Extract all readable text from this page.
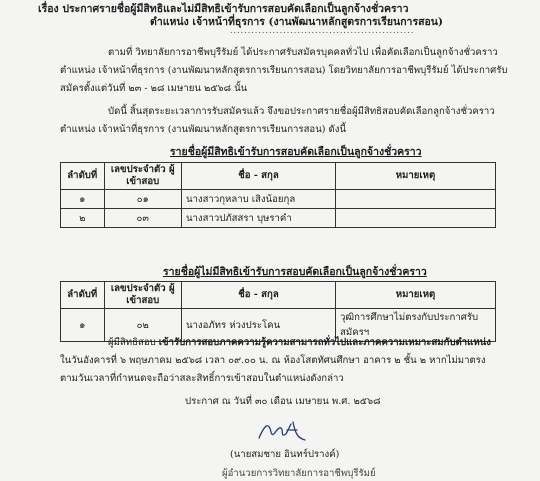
เรื่อง ประกาศรายชื่อผู้มีสิทธิและไม่มีสิทธิเข้ารับการสอบคัดเลือกเป็นลูกจ้างชั่วคราว
ตำแหน่ง เจ้าหน้าที่ธุรการ (งานพัฒนาหลักสูตรการเรียนการสอน)
....................................................
ตามที่ วิทยาลัยการอาชีพบุรีรัมย์ ได้ประกาศรับสมัครบุคคลทั่วไป เพื่อคัดเลือกเป็นลูกจ้างชั่วคราว
ตำแหน่ง เจ้าหน้าที่ธุรการ (งานพัฒนาหลักสูตรการเรียนการสอน) โดยวิทยาลัยการอาชีพบุรีรัมย์ ได้ประกาศรับ
สมัครตั้งแต่วันที่ ๒๓ - ๒๘ เมษายน ๒๕๖๘ นั้น
บัดนี้ สิ้นสุดระยะเวลาการรับสมัครแล้ว จึงขอประกาศรายชื่อผู้มีสิทธิสอบคัดเลือกลูกจ้างชั่วคราว
ตำแหน่ง เจ้าหน้าที่ธุรการ (งานพัฒนาหลักสูตรการเรียนการสอน) ดังนี้
รายชื่อผู้มีสิทธิเข้ารับการสอบคัดเลือกเป็นลูกจ้างชั่วคราว
ลำดับที่	เลขประจำตัว ผู้เข้าสอบ	ชื่อ - สกุล	หมายเหตุ
๑	๐๑	นางสาวกุหลาบ เสิงน้อยกุล	
๒	๐๓	นางสาวปภัสสรา บุษราคำ	
รายชื่อผู้ไม่มีสิทธิเข้ารับการสอบคัดเลือกเป็นลูกจ้างชั่วคราว
ลำดับที่	เลขประจำตัว ผู้เข้าสอบ	ชื่อ - สกุล	หมายเหตุ
๑	๐๒	นางอภัทร ห่วงประโคน	วุฒิการศึกษาไม่ตรงกับประกาศรับสมัครฯ
ผู้มีสิทธิสอบ เข้ารับการสอบภาคความรู้ความสามารถทั่วไปและภาคความเหมาะสมกับตำแหน่ง
ในวันอังคารที่ ๖ พฤษภาคม ๒๕๖๘ เวลา ๐๙.๐๐ น. ณ ห้องโสตทัศนศึกษา อาคาร ๒ ชั้น ๒ หากไม่มาตรง
ตามวันเวลาที่กำหนดจะถือว่าสละสิทธิ์การเข้าสอบในตำแหน่งดังกล่าว
ประกาศ ณ วันที่ ๓๐ เดือน เมษายน พ.ศ. ๒๕๖๘
(นายสมชาย อินทร์ปรางค์)
ผู้อำนวยการวิทยาลัยการอาชีพบุรีรัมย์
